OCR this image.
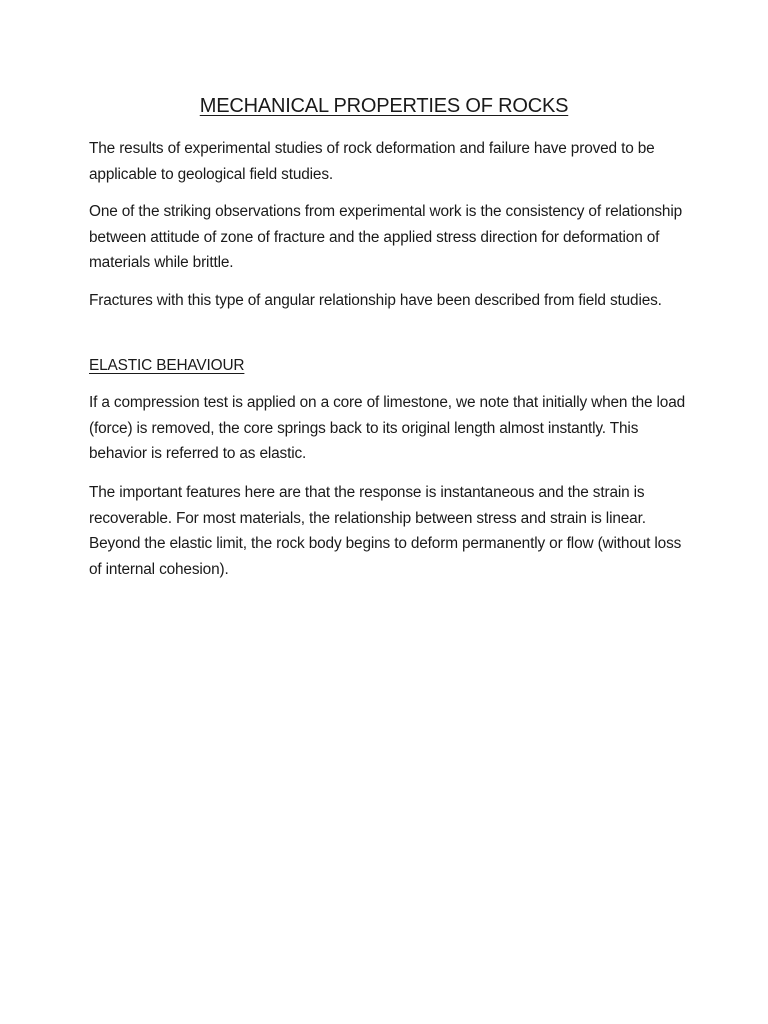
MECHANICAL PROPERTIES OF ROCKS

The results of experimental studies of rock deformation and failure have proved to be applicable to geological field studies.

One of the striking observations from experimental work is the consistency of relationship between attitude of zone of fracture and the applied stress direction for deformation of materials while brittle.

Fractures with this type of angular relationship have been described from field studies.

ELASTIC BEHAVIOUR

If a compression test is applied on a core of limestone, we note that initially when the load (force) is removed, the core springs back to its original length almost instantly. This behavior is referred to as elastic.

The important features here are that the response is instantaneous and the strain is recoverable. For most materials, the relationship between stress and strain is linear. Beyond the elastic limit, the rock body begins to deform permanently or flow (without loss of internal cohesion).
